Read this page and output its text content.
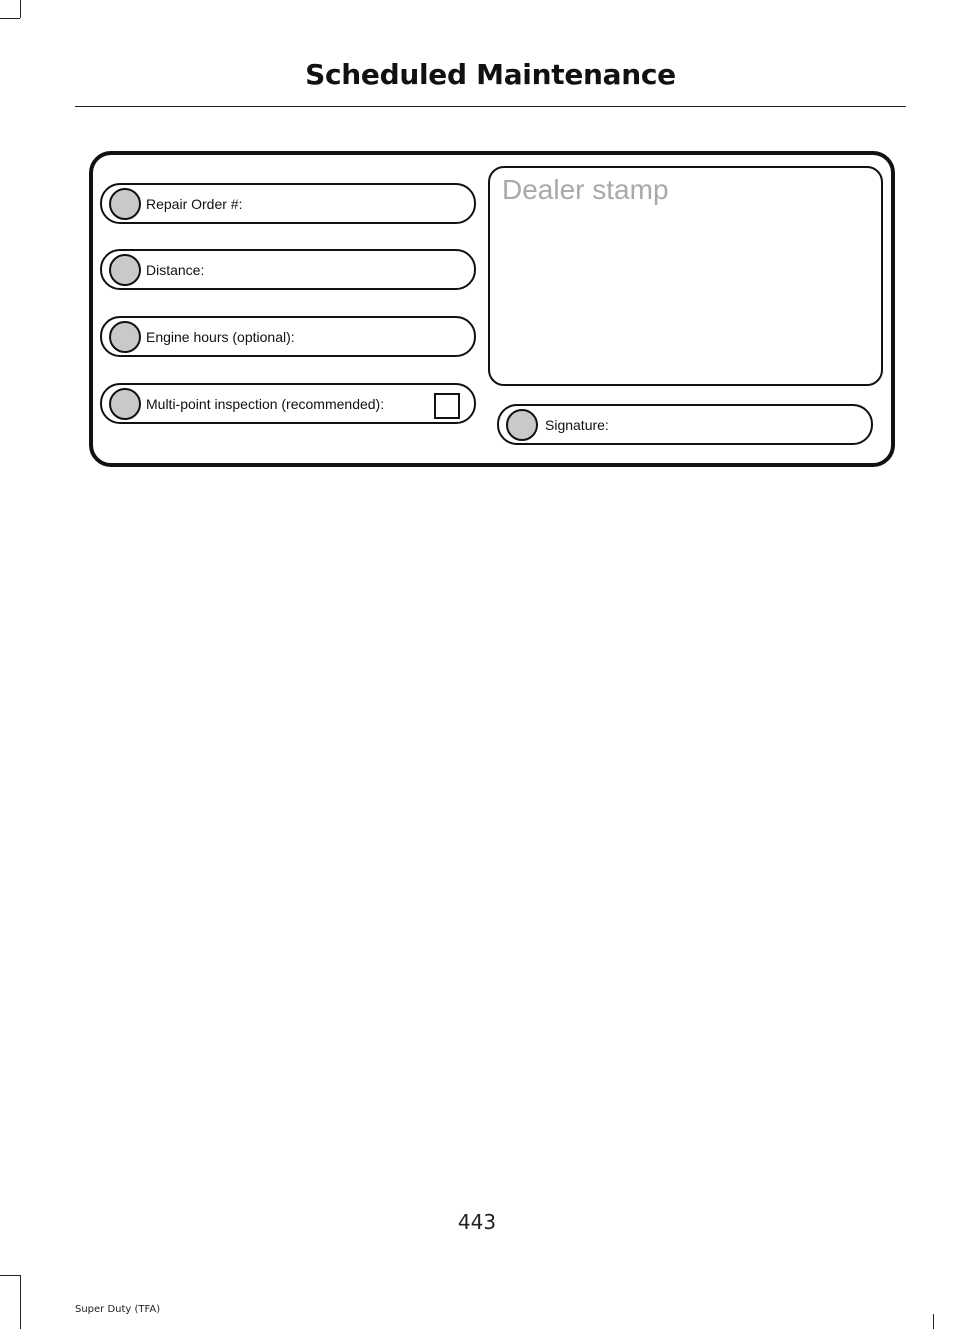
Scheduled Maintenance
Repair Order #:
Distance:
Engine hours (optional):
Multi-point inspection (recommended):
Dealer stamp
Signature:
443
Super Duty (TFA)
